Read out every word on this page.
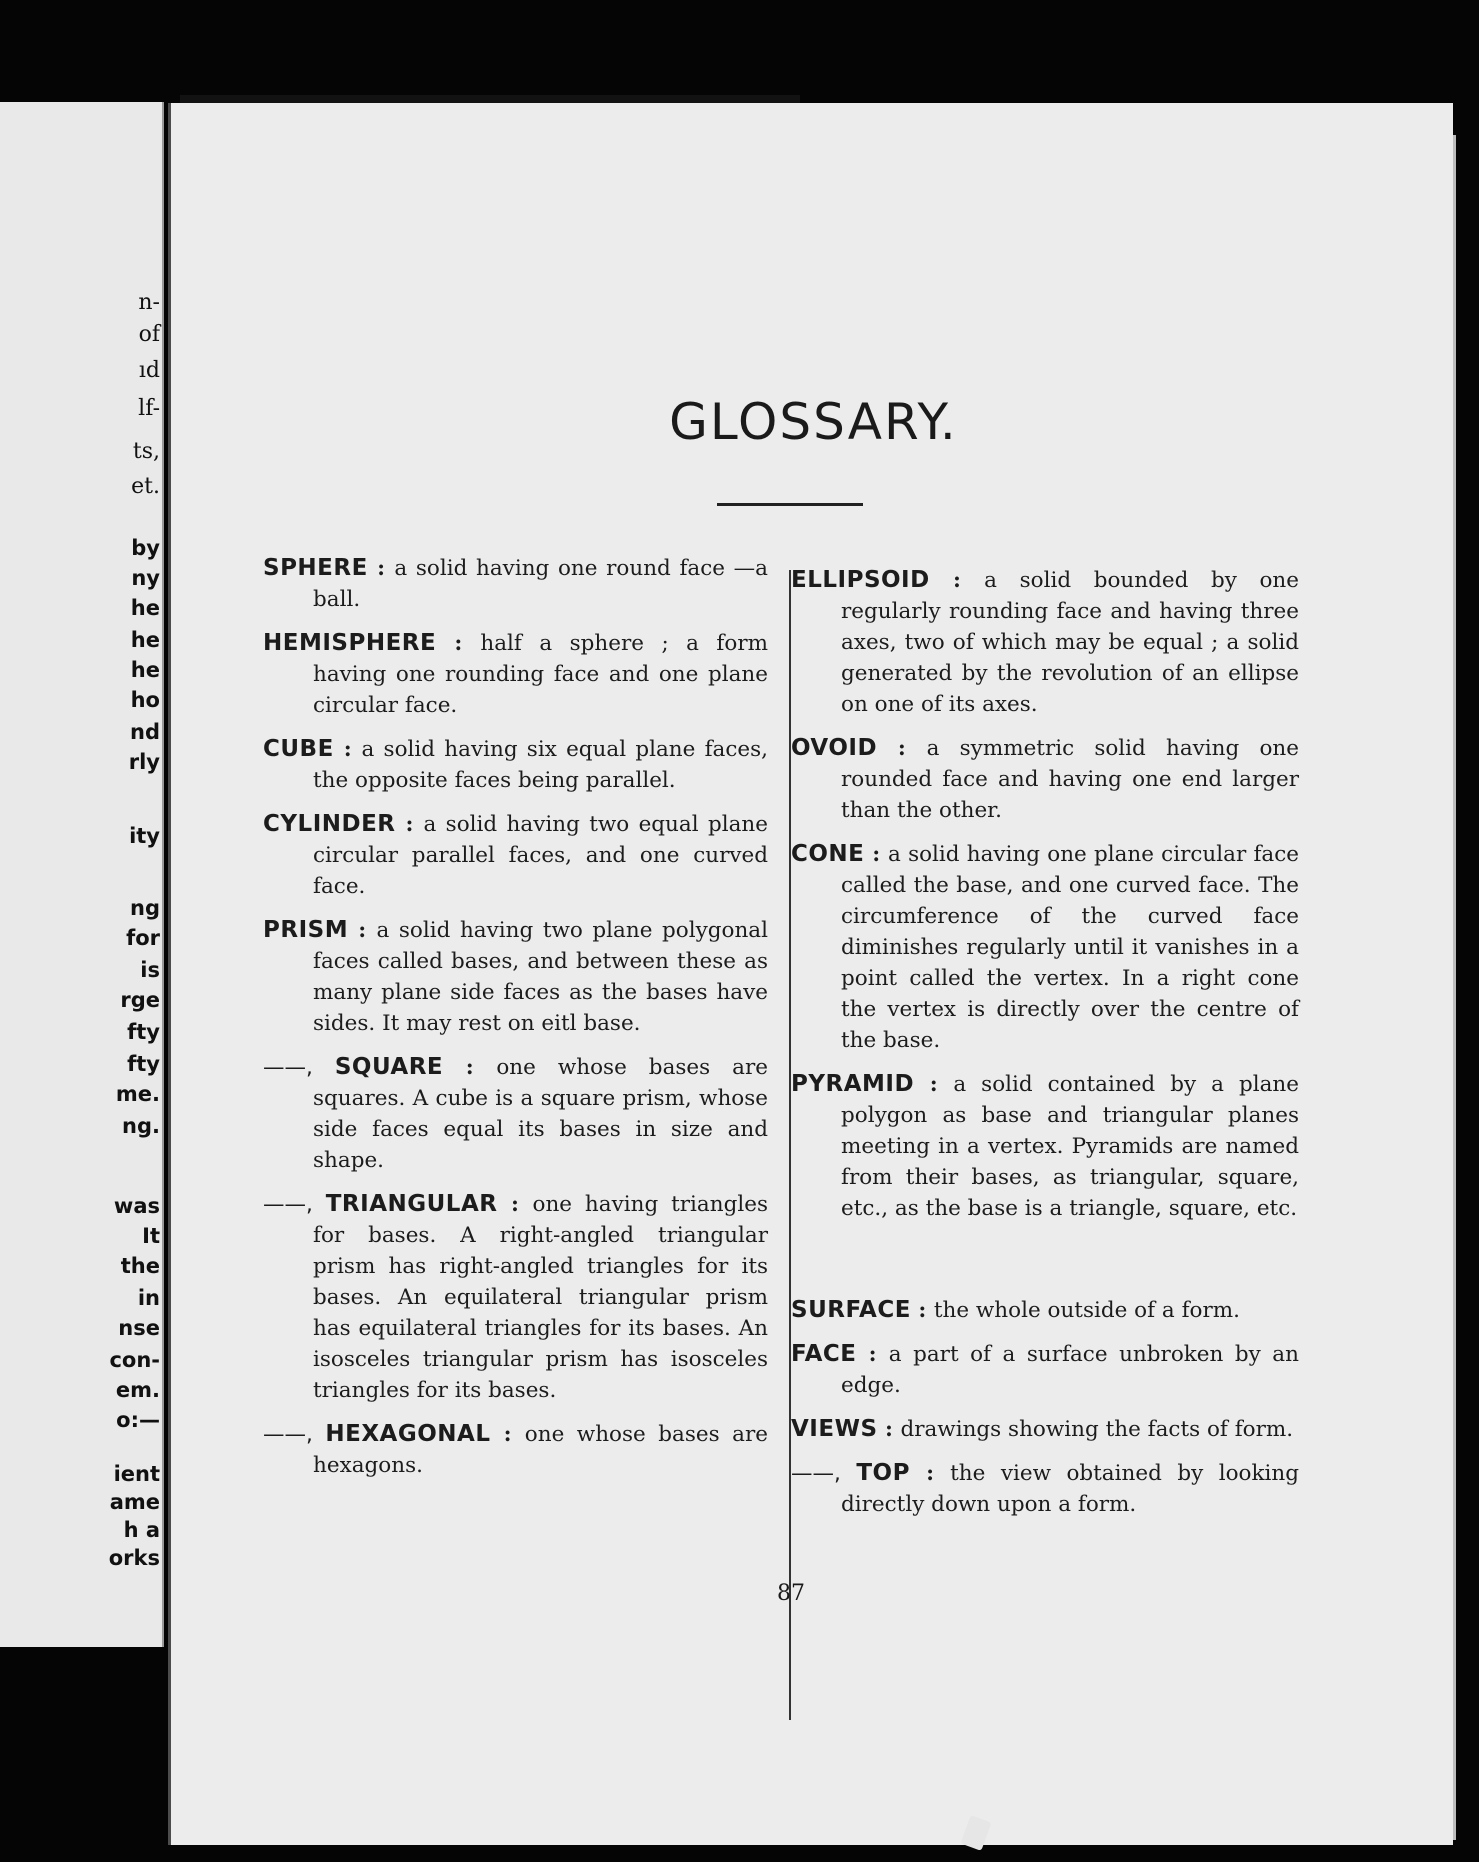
n-
of
ıd
lf-
ts,
et.
by
ny
he
he
he
ho
nd
rly
ity
ng
for
is
rge
fty
fty
me.
ng.
was
It
the
in
nse
con-
em.
o:—
ient
ame
h a
orks
GLOSSARY.

SPHERE : a solid having one round face —a ball.

HEMISPHERE : half a sphere ; a form having one rounding face and one plane circular face.

CUBE : a solid having six equal plane faces, the opposite faces being parallel.

CYLINDER : a solid having two equal plane circular parallel faces, and one curved face.

PRISM : a solid having two plane polygonal faces called bases, and between these as many plane side faces as the bases have sides. It may rest on eitl base.

——, SQUARE : one whose bases are squares. A cube is a square prism, whose side faces equal its bases in size and shape.

——, TRIANGULAR : one having triangles for bases. A right-angled triangular prism has right-angled triangles for its bases. An equilateral triangular prism has equilateral triangles for its bases. An isosceles triangular prism has isosceles triangles for its bases.

——, HEXAGONAL : one whose bases are hexagons.

ELLIPSOID : a solid bounded by one regularly rounding face and having three axes, two of which may be equal ; a solid generated by the revolution of an ellipse on one of its axes.

OVOID : a symmetric solid having one rounded face and having one end larger than the other.

CONE : a solid having one plane circular face called the base, and one curved face. The circumference of the curved face diminishes regularly until it vanishes in a point called the vertex. In a right cone the vertex is directly over the centre of the base.

PYRAMID : a solid contained by a plane polygon as base and triangular planes meeting in a vertex. Pyramids are named from their bases, as triangular, square, etc., as the base is a triangle, square, etc.

SURFACE : the whole outside of a form.

FACE : a part of a surface unbroken by an edge.

VIEWS : drawings showing the facts of form.

——, TOP : the view obtained by looking directly down upon a form.

87
